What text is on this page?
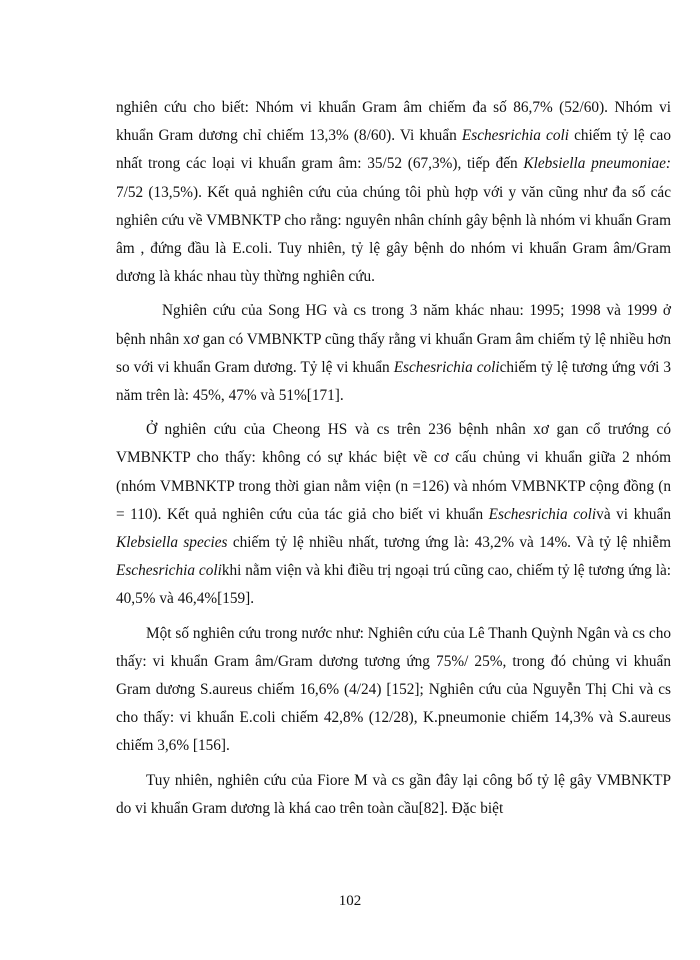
nghiên cứu cho biết: Nhóm vi khuẩn Gram âm chiếm đa số 86,7% (52/60). Nhóm vi khuẩn Gram dương chỉ chiếm 13,3% (8/60). Vi khuẩn Eschesrichia coli chiếm tỷ lệ cao nhất trong các loại vi khuẩn gram âm: 35/52 (67,3%), tiếp đến Klebsiella pneumoniae: 7/52 (13,5%). Kết quả nghiên cứu của chúng tôi phù hợp với y văn cũng như đa số các nghiên cứu về VMBNKTP cho rằng: nguyên nhân chính gây bệnh là nhóm vi khuẩn Gram âm , đứng đầu là E.coli. Tuy nhiên, tỷ lệ gây bệnh do nhóm vi khuẩn Gram âm/Gram dương là khác nhau tùy thừng nghiên cứu.

Nghiên cứu của Song HG và cs trong 3 năm khác nhau: 1995; 1998 và 1999 ở bệnh nhân xơ gan có VMBNKTP cũng thấy rằng vi khuẩn Gram âm chiếm tỷ lệ nhiều hơn so với vi khuẩn Gram dương. Tỷ lệ vi khuẩn Eschesrichia colichiếm tỷ lệ tương ứng với 3 năm trên là: 45%, 47% và 51%[171].

Ở nghiên cứu của Cheong HS và cs trên 236 bệnh nhân xơ gan cổ trướng có VMBNKTP cho thấy: không có sự khác biệt về cơ cấu chủng vi khuẩn giữa 2 nhóm (nhóm VMBNKTP trong thời gian nằm viện (n =126) và nhóm VMBNKTP cộng đồng (n = 110). Kết quả nghiên cứu của tác giả cho biết vi khuẩn Eschesrichia colivà vi khuẩn Klebsiella species chiếm tỷ lệ nhiều nhất, tương ứng là: 43,2% và 14%. Và tỷ lệ nhiễm Eschesrichia colikhi nằm viện và khi điều trị ngoại trú cũng cao, chiếm tỷ lệ tương ứng là: 40,5% và 46,4%[159].

Một số nghiên cứu trong nước như: Nghiên cứu của Lê Thanh Quỳnh Ngân và cs cho thấy: vi khuẩn Gram âm/Gram dương tương ứng 75%/ 25%, trong đó chủng vi khuẩn Gram dương S.aureus chiếm 16,6% (4/24) [152]; Nghiên cứu của Nguyễn Thị Chi và cs cho thấy: vi khuẩn E.coli chiếm 42,8% (12/28), K.pneumonie chiếm 14,3% và S.aureus chiếm 3,6% [156].

Tuy nhiên, nghiên cứu của Fiore M và cs gần đây lại công bố tỷ lệ gây VMBNKTP do vi khuẩn Gram dương là khá cao trên toàn cầu[82]. Đặc biệt

102
